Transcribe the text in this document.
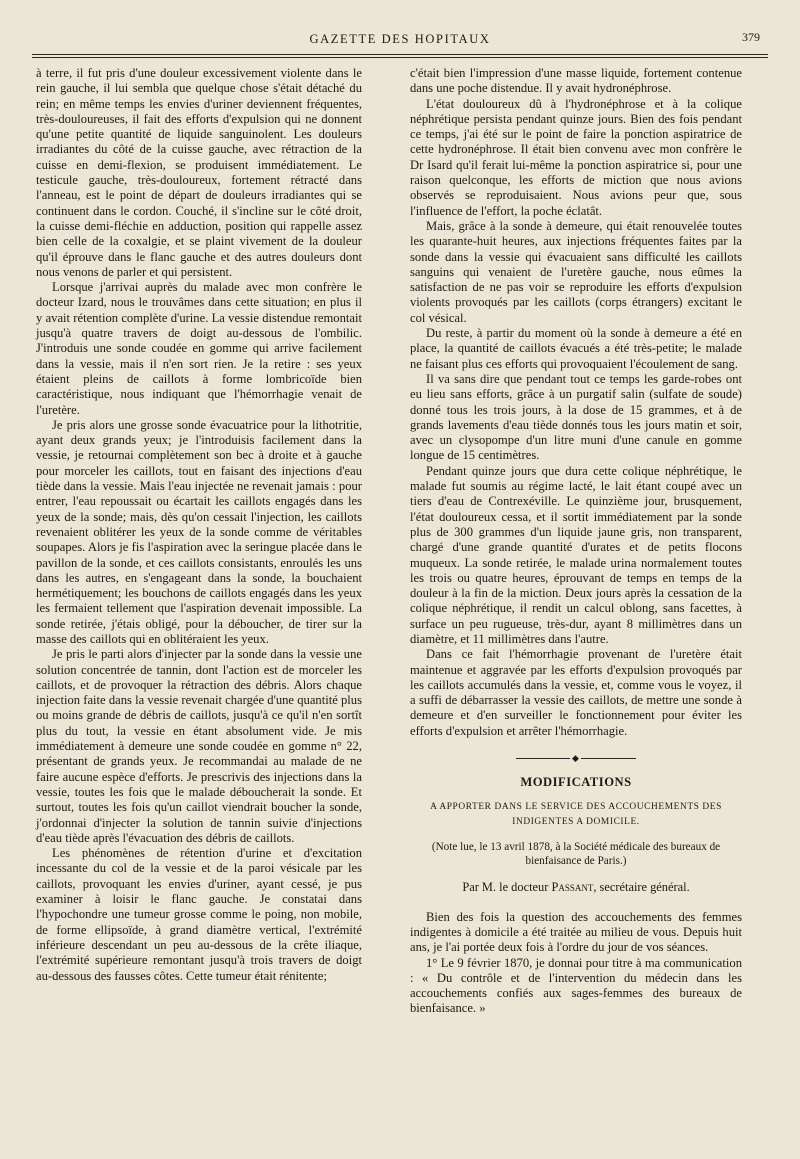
GAZETTE DES HOPITAUX	379

à terre, il fut pris d'une douleur excessivement violente dans le rein gauche, il lui sembla que quelque chose s'était détaché du rein; en même temps les envies d'uriner deviennent fréquentes, très-douloureuses, il fait des efforts d'expulsion qui ne donnent qu'une petite quantité de liquide sanguinolent. Les douleurs irradiantes du côté de la cuisse gauche, avec rétraction de la cuisse en demi-flexion, se produisent immédiatement. Le testicule gauche, très-douloureux, fortement rétracté dans l'anneau, est le point de départ de douleurs irradiantes qui se continuent dans le cordon. Couché, il s'incline sur le côté droit, la cuisse demi-fléchie en adduction, position qui rappelle assez bien celle de la coxalgie, et se plaint vivement de la douleur qu'il éprouve dans le flanc gauche et des autres douleurs dont nous venons de parler et qui persistent.

Lorsque j'arrivai auprès du malade avec mon confrère le docteur Izard, nous le trouvâmes dans cette situation; en plus il y avait rétention complète d'urine. La vessie distendue remontait jusqu'à quatre travers de doigt au-dessous de l'ombilic. J'introduis une sonde coudée en gomme qui arrive facilement dans la vessie, mais il n'en sort rien. Je la retire : ses yeux étaient pleins de caillots à forme lombricoïde bien caractéristique, nous indiquant que l'hémorrhagie venait de l'uretère.

Je pris alors une grosse sonde évacuatrice pour la lithotritie, ayant deux grands yeux; je l'introduisis facilement dans la vessie, je retournai complètement son bec à droite et à gauche pour morceler les caillots, tout en faisant des injections d'eau tiède dans la vessie. Mais l'eau injectée ne revenait jamais : pour entrer, l'eau repoussait ou écartait les caillots engagés dans les yeux de la sonde; mais, dès qu'on cessait l'injection, les caillots revenaient oblitérer les yeux de la sonde comme de véritables soupapes. Alors je fis l'aspiration avec la seringue placée dans le pavillon de la sonde, et ces caillots consistants, enroulés les uns dans les autres, en s'engageant dans la sonde, la bouchaient hermétiquement; les bouchons de caillots engagés dans les yeux les fermaient tellement que l'aspiration devenait impossible. La sonde retirée, j'étais obligé, pour la déboucher, de tirer sur la masse des caillots qui en oblitéraient les yeux.

Je pris le parti alors d'injecter par la sonde dans la vessie une solution concentrée de tannin, dont l'action est de morceler les caillots, et de provoquer la rétraction des débris. Alors chaque injection faite dans la vessie revenait chargée d'une quantité plus ou moins grande de débris de caillots, jusqu'à ce qu'il n'en sortît plus du tout, la vessie en étant absolument vide. Je mis immédiatement à demeure une sonde coudée en gomme n° 22, présentant de grands yeux. Je recommandai au malade de ne faire aucune espèce d'efforts. Je prescrivis des injections dans la vessie, toutes les fois que le malade déboucherait la sonde. Et surtout, toutes les fois qu'un caillot viendrait boucher la sonde, j'ordonnai d'injecter la solution de tannin suivie d'injections d'eau tiède après l'évacuation des débris de caillots.

Les phénomènes de rétention d'urine et d'excitation incessante du col de la vessie et de la paroi vésicale par les caillots, provoquant les envies d'uriner, ayant cessé, je pus examiner à loisir le flanc gauche. Je constatai dans l'hypochondre une tumeur grosse comme le poing, non mobile, de forme ellipsoïde, à grand diamètre vertical, l'extrémité inférieure descendant un peu au-dessous de la crête iliaque, l'extrémité supérieure remontant jusqu'à trois travers de doigt au-dessous des fausses côtes. Cette tumeur était rénitente;

c'était bien l'impression d'une masse liquide, fortement contenue dans une poche distendue. Il y avait hydronéphrose.

L'état douloureux dû à l'hydronéphrose et à la colique néphrétique persista pendant quinze jours. Bien des fois pendant ce temps, j'ai été sur le point de faire la ponction aspiratrice de cette hydronéphrose. Il était bien convenu avec mon confrère le Dr Isard qu'il ferait lui-même la ponction aspiratrice si, pour une raison quelconque, les efforts de miction que nous avions observés se reproduisaient. Nous avions peur que, sous l'influence de l'effort, la poche éclatât.

Mais, grâce à la sonde à demeure, qui était renouvelée toutes les quarante-huit heures, aux injections fréquentes faites par la sonde dans la vessie qui évacuaient sans difficulté les caillots sanguins qui venaient de l'uretère gauche, nous eûmes la satisfaction de ne pas voir se reproduire les efforts d'expulsion violents provoqués par les caillots (corps étrangers) excitant le col vésical.

Du reste, à partir du moment où la sonde à demeure a été en place, la quantité de caillots évacués a été très-petite; le malade ne faisant plus ces efforts qui provoquaient l'écoulement de sang.

Il va sans dire que pendant tout ce temps les garde-robes ont eu lieu sans efforts, grâce à un purgatif salin (sulfate de soude) donné tous les trois jours, à la dose de 15 grammes, et à de grands lavements d'eau tiède donnés tous les jours matin et soir, avec un clysopompe d'un litre muni d'une canule en gomme longue de 15 centimètres.

Pendant quinze jours que dura cette colique néphrétique, le malade fut soumis au régime lacté, le lait étant coupé avec un tiers d'eau de Contrexéville. Le quinzième jour, brusquement, l'état douloureux cessa, et il sortit immédiatement par la sonde plus de 300 grammes d'un liquide jaune gris, non transparent, chargé d'une grande quantité d'urates et de petits flocons muqueux. La sonde retirée, le malade urina normalement toutes les trois ou quatre heures, éprouvant de temps en temps de la douleur à la fin de la miction. Deux jours après la cessation de la colique néphrétique, il rendit un calcul oblong, sans facettes, à surface un peu rugueuse, très-dur, ayant 8 millimètres dans un diamètre, et 11 millimètres dans l'autre.

Dans ce fait l'hémorrhagie provenant de l'uretère était maintenue et aggravée par les efforts d'expulsion provoqués par les caillots accumulés dans la vessie, et, comme vous le voyez, il a suffi de débarrasser la vessie des caillots, de mettre une sonde à demeure et d'en surveiller le fonctionnement pour éviter les efforts d'expulsion et arrêter l'hémorrhagie.

◆
MODIFICATIONS
A APPORTER DANS LE SERVICE DES ACCOUCHEMENTS DES INDIGENTES A DOMICILE.
(Note lue, le 13 avril 1878, à la Société médicale des bureaux de bienfaisance de Paris.)
Par M. le docteur Passant, secrétaire général.

Bien des fois la question des accouchements des femmes indigentes à domicile a été traitée au milieu de vous. Depuis huit ans, je l'ai portée deux fois à l'ordre du jour de vos séances.

1° Le 9 février 1870, je donnai pour titre à ma communication : « Du contrôle et de l'intervention du médecin dans les accouchements confiés aux sages-femmes des bureaux de bienfaisance. »
